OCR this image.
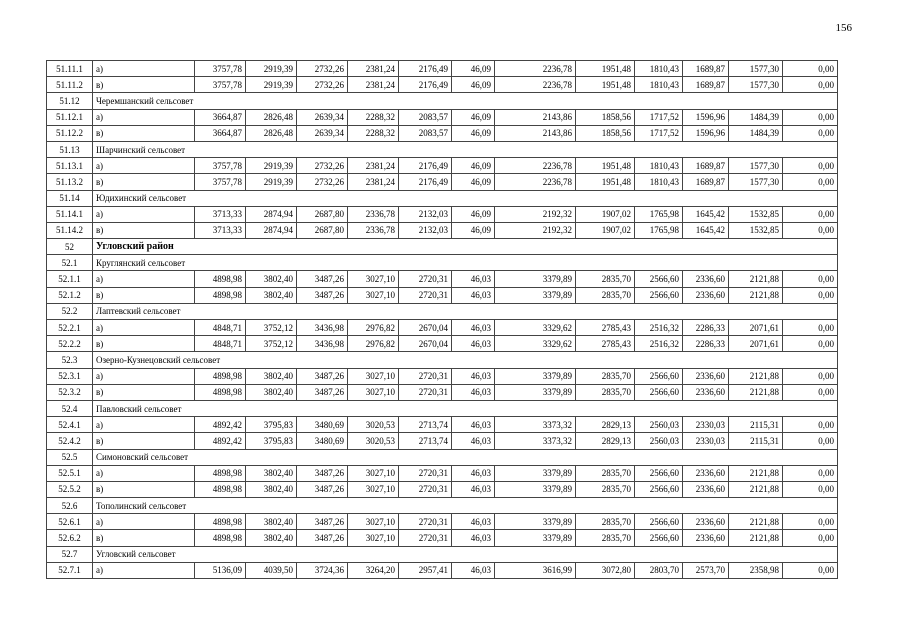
156
51.11.1	а)	3757,78	2919,39	2732,26	2381,24	2176,49	46,09	2236,78	1951,48	1810,43	1689,87	1577,30	0,00
51.11.2	в)	3757,78	2919,39	2732,26	2381,24	2176,49	46,09	2236,78	1951,48	1810,43	1689,87	1577,30	0,00
51.12	Черемшанский сельсовет												
51.12.1	а)	3664,87	2826,48	2639,34	2288,32	2083,57	46,09	2143,86	1858,56	1717,52	1596,96	1484,39	0,00
51.12.2	в)	3664,87	2826,48	2639,34	2288,32	2083,57	46,09	2143,86	1858,56	1717,52	1596,96	1484,39	0,00
51.13	Шарчинский сельсовет												
51.13.1	а)	3757,78	2919,39	2732,26	2381,24	2176,49	46,09	2236,78	1951,48	1810,43	1689,87	1577,30	0,00
51.13.2	в)	3757,78	2919,39	2732,26	2381,24	2176,49	46,09	2236,78	1951,48	1810,43	1689,87	1577,30	0,00
51.14	Юдихинский сельсовет												
51.14.1	а)	3713,33	2874,94	2687,80	2336,78	2132,03	46,09	2192,32	1907,02	1765,98	1645,42	1532,85	0,00
51.14.2	в)	3713,33	2874,94	2687,80	2336,78	2132,03	46,09	2192,32	1907,02	1765,98	1645,42	1532,85	0,00
52	Угловский район												
52.1	Круглянский сельсовет												
52.1.1	а)	4898,98	3802,40	3487,26	3027,10	2720,31	46,03	3379,89	2835,70	2566,60	2336,60	2121,88	0,00
52.1.2	в)	4898,98	3802,40	3487,26	3027,10	2720,31	46,03	3379,89	2835,70	2566,60	2336,60	2121,88	0,00
52.2	Лаптевский сельсовет												
52.2.1	а)	4848,71	3752,12	3436,98	2976,82	2670,04	46,03	3329,62	2785,43	2516,32	2286,33	2071,61	0,00
52.2.2	в)	4848,71	3752,12	3436,98	2976,82	2670,04	46,03	3329,62	2785,43	2516,32	2286,33	2071,61	0,00
52.3	Озерно-Кузнецовский сельсовет												
52.3.1	а)	4898,98	3802,40	3487,26	3027,10	2720,31	46,03	3379,89	2835,70	2566,60	2336,60	2121,88	0,00
52.3.2	в)	4898,98	3802,40	3487,26	3027,10	2720,31	46,03	3379,89	2835,70	2566,60	2336,60	2121,88	0,00
52.4	Павловский сельсовет												
52.4.1	а)	4892,42	3795,83	3480,69	3020,53	2713,74	46,03	3373,32	2829,13	2560,03	2330,03	2115,31	0,00
52.4.2	в)	4892,42	3795,83	3480,69	3020,53	2713,74	46,03	3373,32	2829,13	2560,03	2330,03	2115,31	0,00
52.5	Симоновский сельсовет												
52.5.1	а)	4898,98	3802,40	3487,26	3027,10	2720,31	46,03	3379,89	2835,70	2566,60	2336,60	2121,88	0,00
52.5.2	в)	4898,98	3802,40	3487,26	3027,10	2720,31	46,03	3379,89	2835,70	2566,60	2336,60	2121,88	0,00
52.6	Тополинский сельсовет												
52.6.1	а)	4898,98	3802,40	3487,26	3027,10	2720,31	46,03	3379,89	2835,70	2566,60	2336,60	2121,88	0,00
52.6.2	в)	4898,98	3802,40	3487,26	3027,10	2720,31	46,03	3379,89	2835,70	2566,60	2336,60	2121,88	0,00
52.7	Угловский сельсовет												
52.7.1	а)	5136,09	4039,50	3724,36	3264,20	2957,41	46,03	3616,99	3072,80	2803,70	2573,70	2358,98	0,00
